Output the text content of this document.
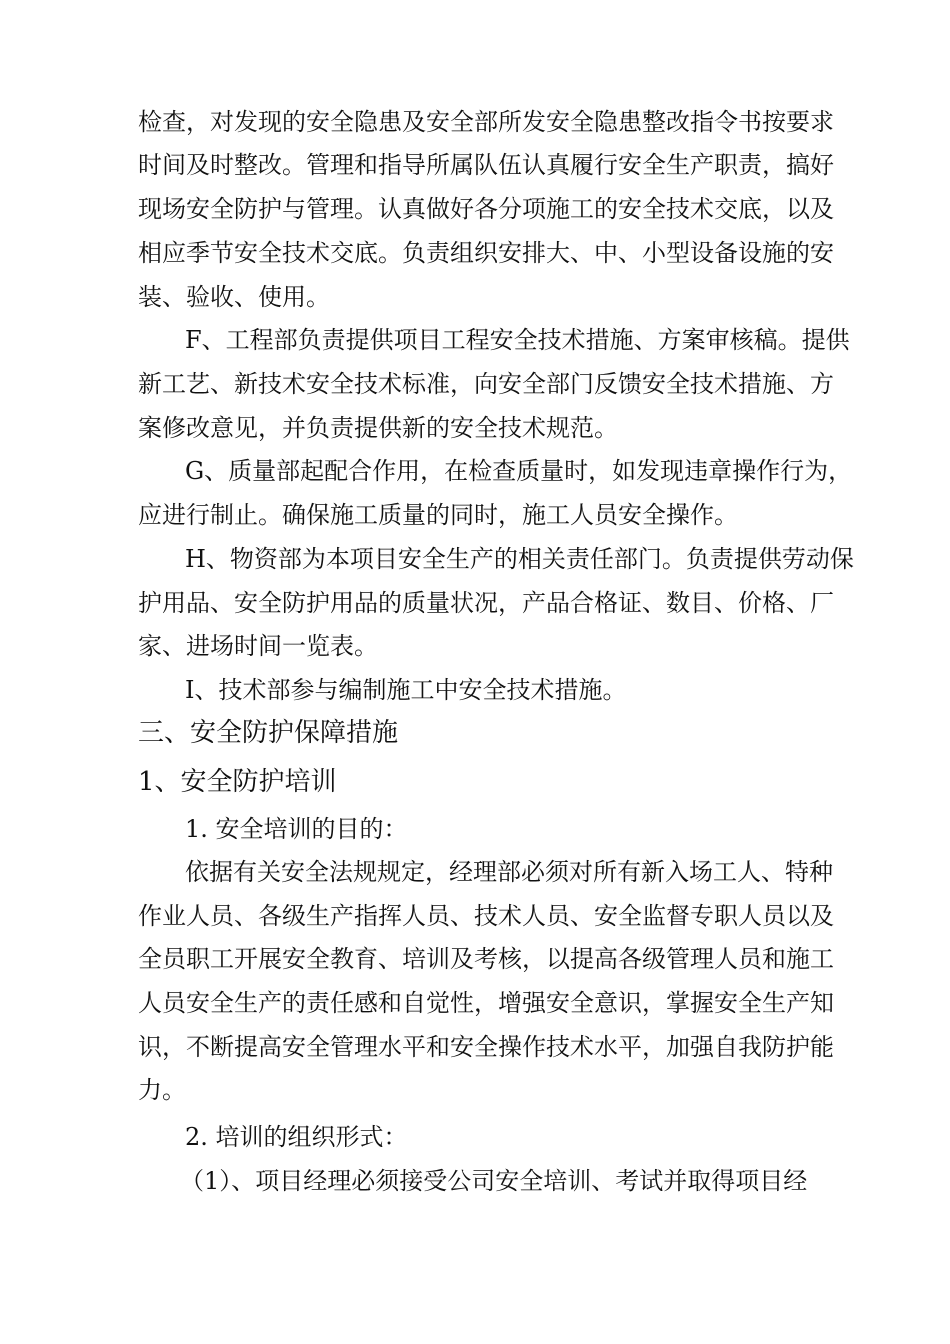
检查，对发现的安全隐患及安全部所发安全隐患整改指令书按要求
时间及时整改。管理和指导所属队伍认真履行安全生产职责，搞好
现场安全防护与管理。认真做好各分项施工的安全技术交底，以及
相应季节安全技术交底。负责组织安排大、中、小型设备设施的安
装、验收、使用。
F、工程部负责提供项目工程安全技术措施、方案审核稿。提供
新工艺、新技术安全技术标准，向安全部门反馈安全技术措施、方
案修改意见，并负责提供新的安全技术规范。
G、质量部起配合作用，在检查质量时，如发现违章操作行为，
应进行制止。确保施工质量的同时，施工人员安全操作。
H、物资部为本项目安全生产的相关责任部门。负责提供劳动保
护用品、安全防护用品的质量状况，产品合格证、数目、价格、厂
家、进场时间一览表。
I、技术部参与编制施工中安全技术措施。
三、安全防护保障措施
1、安全防护培训
1. 安全培训的目的：
依据有关安全法规规定，经理部必须对所有新入场工人、特种
作业人员、各级生产指挥人员、技术人员、安全监督专职人员以及
全员职工开展安全教育、培训及考核，以提高各级管理人员和施工
人员安全生产的责任感和自觉性，增强安全意识，掌握安全生产知
识，不断提高安全管理水平和安全操作技术水平，加强自我防护能
力。
2. 培训的组织形式：
（1）、项目经理必须接受公司安全培训、考试并取得项目经
